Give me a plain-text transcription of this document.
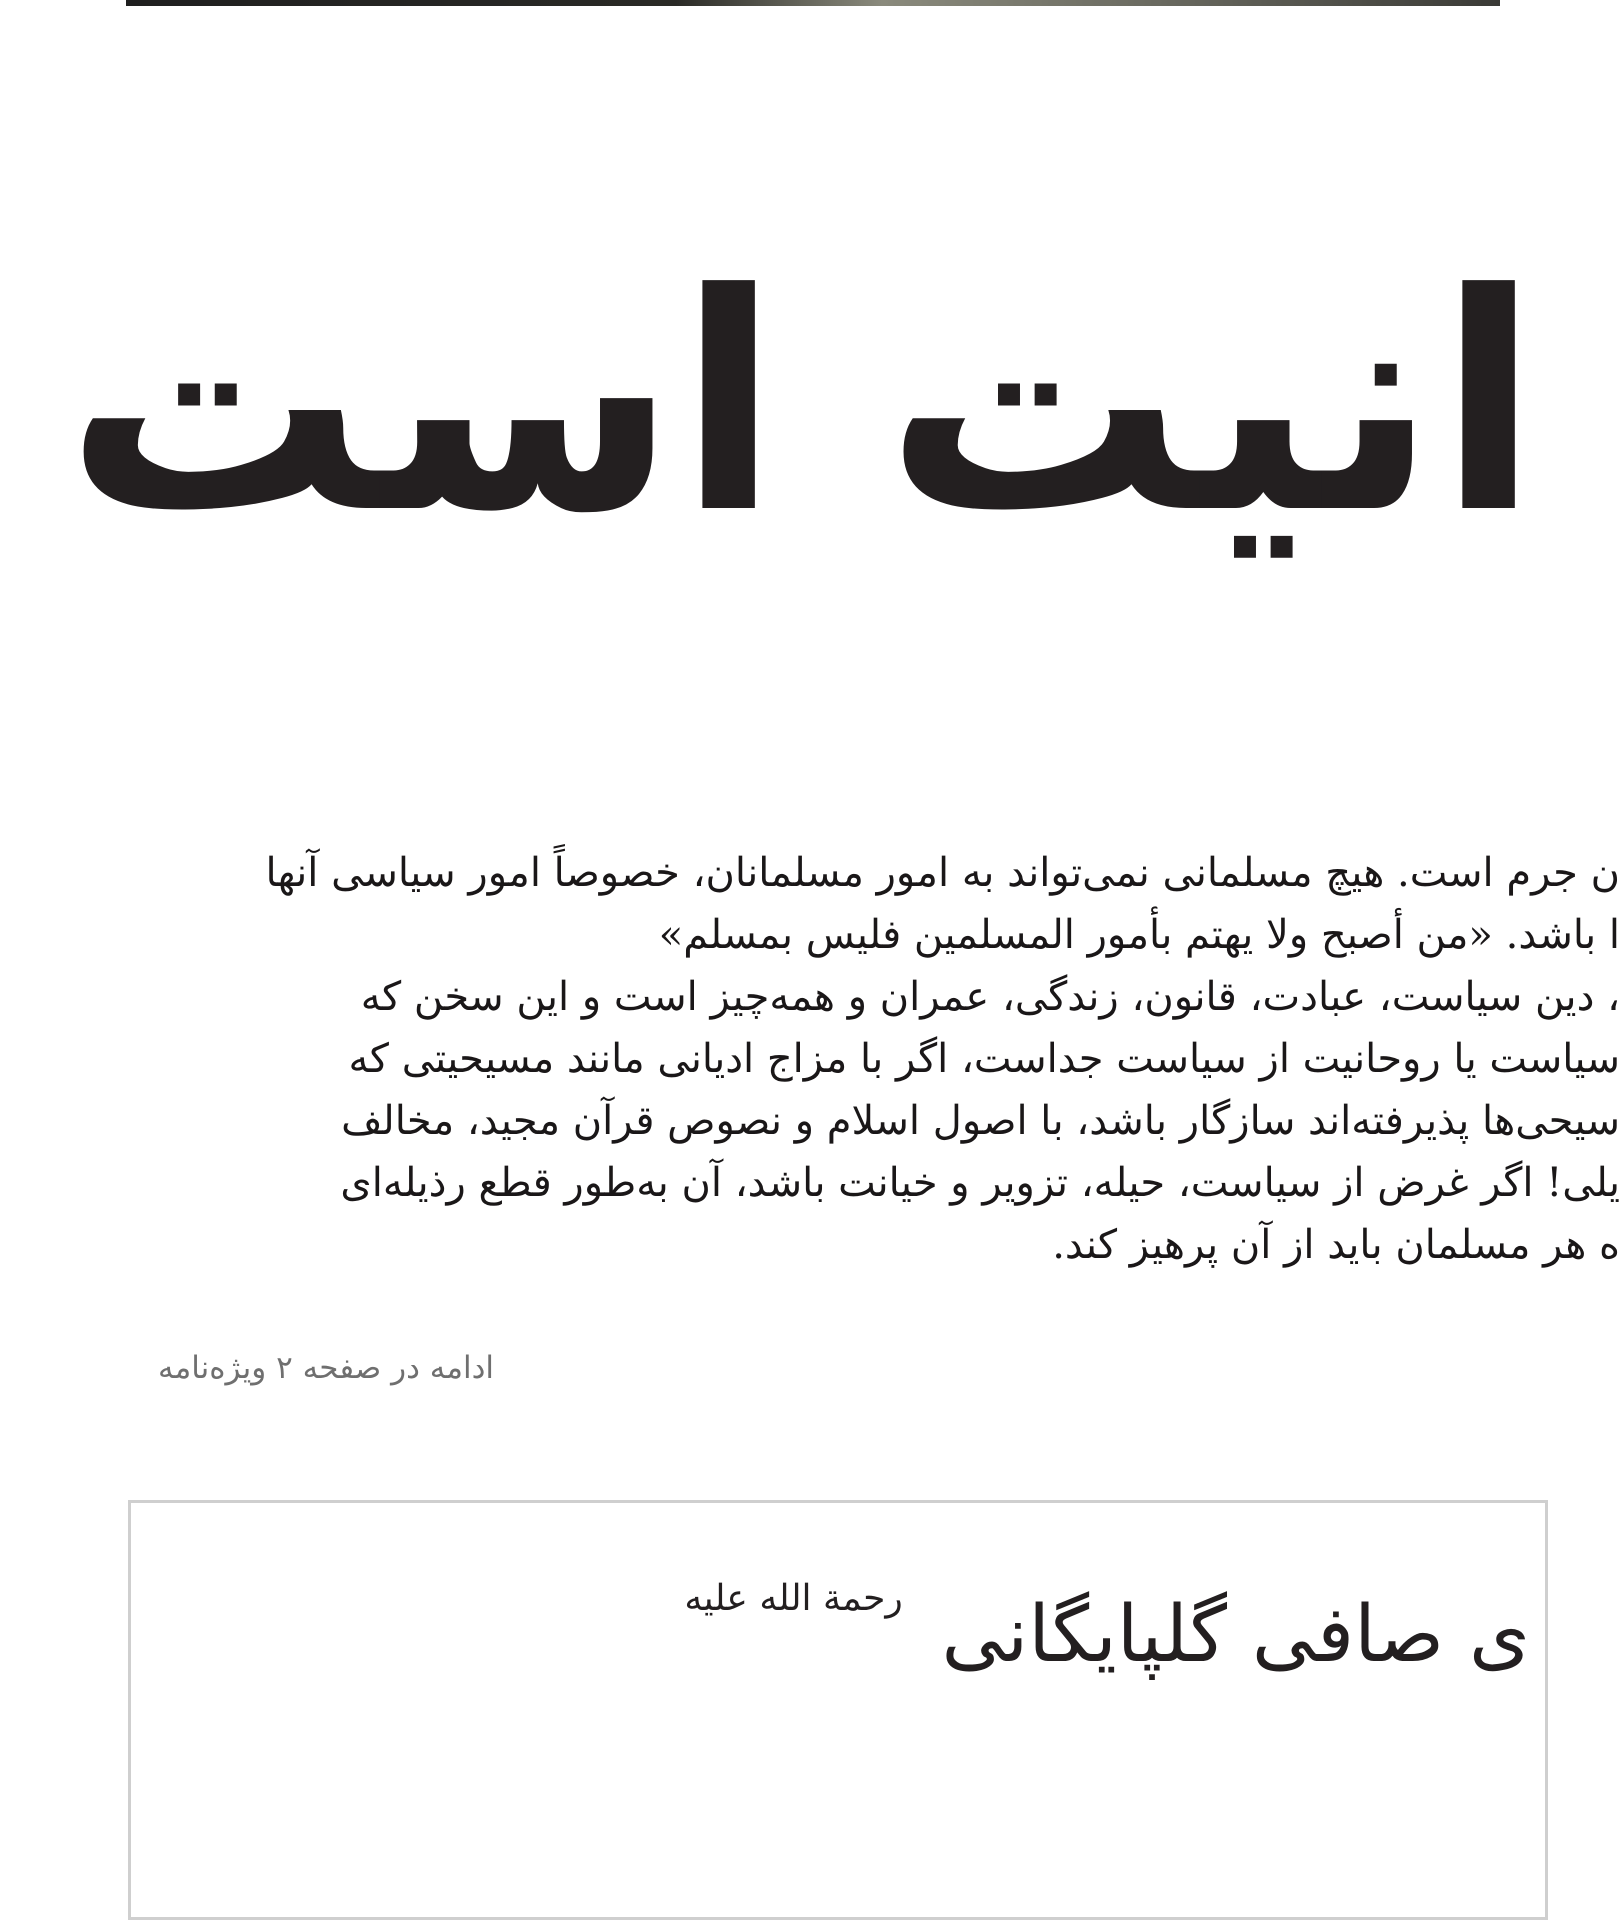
انیت است

ن جرم است. هیچ مسلمانی نمی‌تواند به امور مسلمانان، خصوصاً امور سیاسی آنها
ا باشد. «من أصبح ولا یهتم بأمور المسلمین فلیس بمسلم»

، دین سیاست، عبادت، قانون، زندگی، عمران و همه‌چیز است و این سخن که
سیاست یا روحانیت از سیاست جداست، اگر با مزاج ادیانی مانند مسیحیتی که
سیحی‌ها پذیرفته‌اند سازگار باشد، با اصول اسلام و نصوص قرآن مجید، مخالف
یلی! اگر غرض از سیاست، حیله، تزویر و خیانت باشد، آن به‌طور قطع رذیله‌ای
ه هر مسلمان باید از آن پرهیز کند.

ادامه در صفحه ۲ ویژه‌نامه
ی صافی گلپایگانی رحمة الله علیه
